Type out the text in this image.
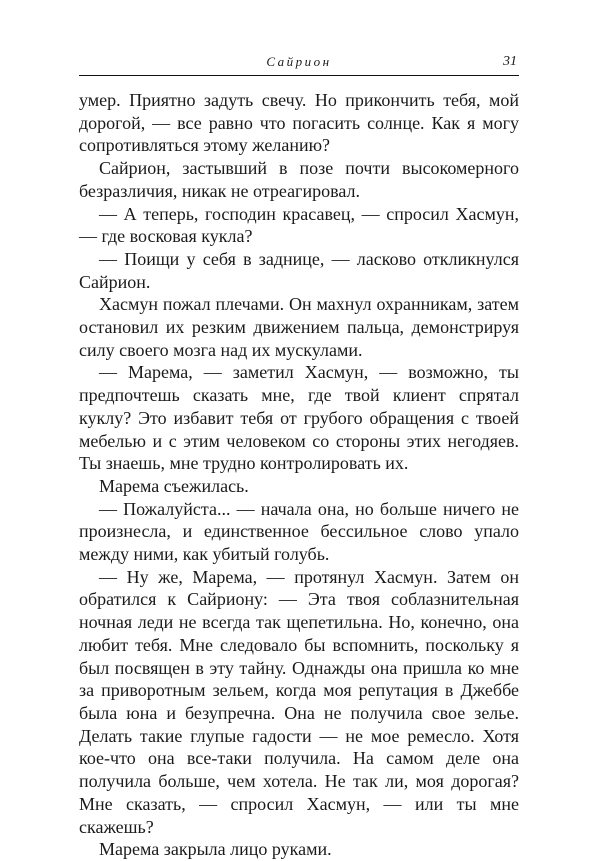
Сайрион	31

умер. Приятно задуть свечу. Но прикончить тебя, мой дорогой, — все равно что погасить солнце. Как я могу сопротивляться этому желанию?

Сайрион, застывший в позе почти высокомерного безразличия, никак не отреагировал.

— А теперь, господин красавец, — спросил Хасмун, — где восковая кукла?

— Поищи у себя в заднице, — ласково откликнулся Сайрион.

Хасмун пожал плечами. Он махнул охранникам, затем остановил их резким движением пальца, демонстрируя силу своего мозга над их мускулами.

— Марема, — заметил Хасмун, — возможно, ты предпочтешь сказать мне, где твой клиент спрятал куклу? Это избавит тебя от грубого обращения с твоей мебелью и с этим человеком со стороны этих негодяев. Ты знаешь, мне трудно контролировать их.

Марема съежилась.

— Пожалуйста... — начала она, но больше ничего не произнесла, и единственное бессильное слово упало между ними, как убитый голубь.

— Ну же, Марема, — протянул Хасмун. Затем он обратился к Сайриону: — Эта твоя соблазнительная ночная леди не всегда так щепетильна. Но, конечно, она любит тебя. Мне следовало бы вспомнить, поскольку я был посвящен в эту тайну. Однажды она пришла ко мне за приворотным зельем, когда моя репутация в Джеббе была юна и безупречна. Она не получила свое зелье. Делать такие глупые гадости — не мое ремесло. Хотя кое-что она все-таки получила. На самом деле она получила больше, чем хотела. Не так ли, моя дорогая? Мне сказать, — спросил Хасмун, — или ты мне скажешь?

Марема закрыла лицо руками.
